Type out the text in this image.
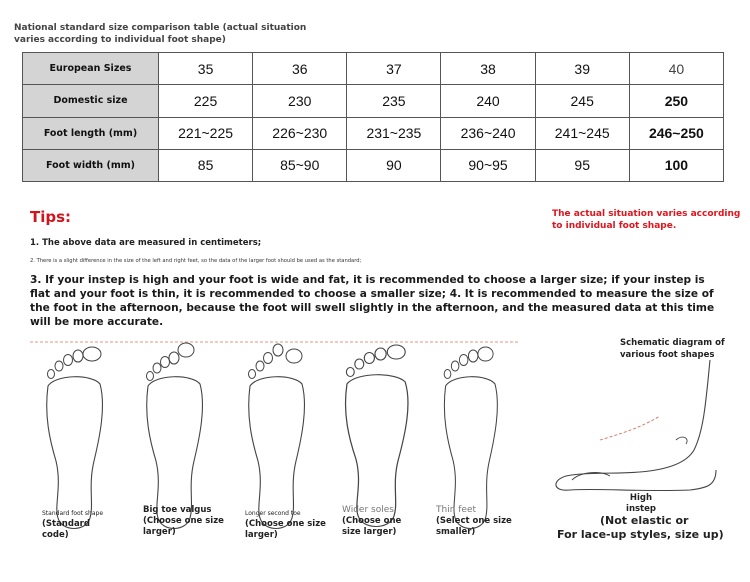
National standard size comparison table (actual situation varies according to individual foot shape)
European Sizes	35	36	37	38	39	40
Domestic size	225	230	235	240	245	250
Foot length (mm)	221~225	226~230	231~235	236~240	241~245	246~250
Foot width (mm)	85	85~90	90	90~95	95	100
Tips:	The actual situation varies according to individual foot shape.
1. The above data are measured in centimeters;
2. There is a slight difference in the size of the left and right feet, so the data of the larger foot should be used as the standard;
3. If your instep is high and your foot is wide and fat, it is recommended to choose a larger size; if your instep is flat and your foot is thin, it is recommended to choose a smaller size; 4. It is recommended to measure the size of the foot in the afternoon, because the foot will swell slightly in the afternoon, and the measured data at this time will be more accurate.
Schematic diagram of various foot shapes
Standard foot shape
(Standard code)
Big toe valgus
(Choose one size larger)
Longer second toe
(Choose one size larger)
Wider soles
(Choose one size larger)
Thin feet
(Select one size smaller)
High instep
(Not elastic or
For lace-up styles, size up)
